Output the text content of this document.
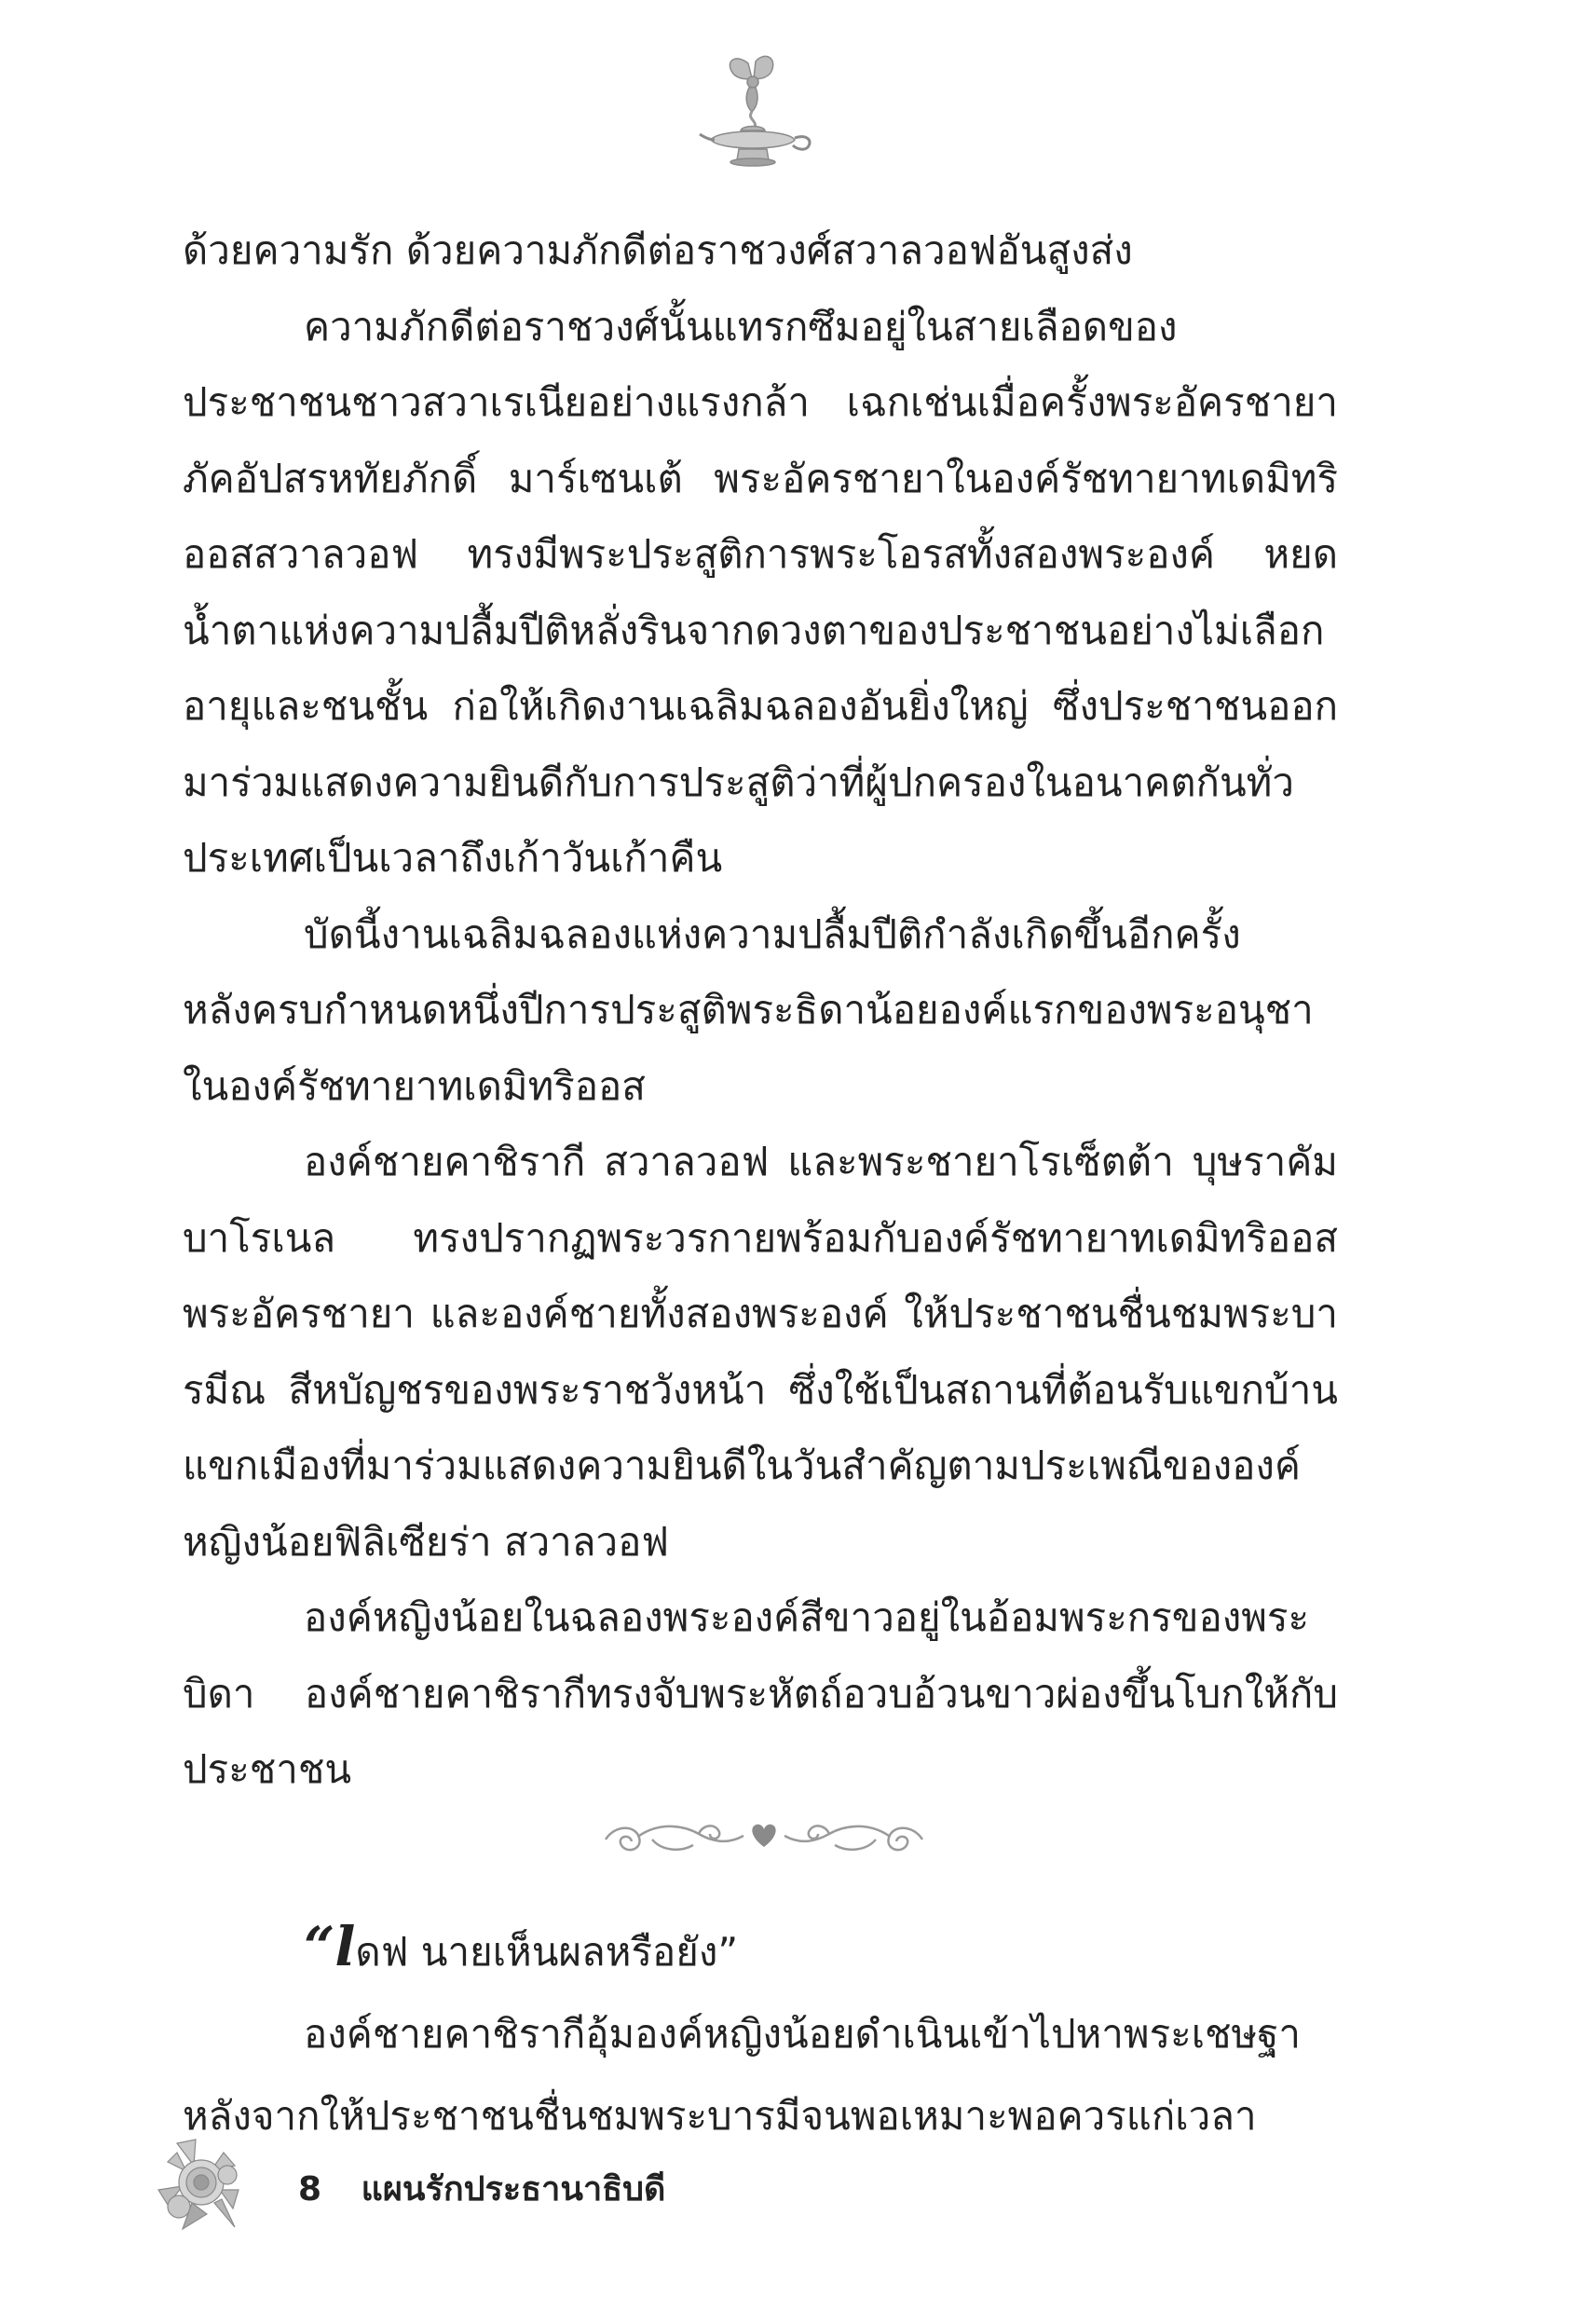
ด้วยความรัก ด้วยความภักดีต่อราชวงศ์สวาลวอฟอันสูงส่ง

ความภักดีต่อราชวงศ์นั้นแทรกซึมอยู่ในสายเลือดของประชาชนชาวสวาเรเนียอย่างแรงกล้า เฉกเช่นเมื่อครั้งพระอัครชายาภัคอัปสรหทัยภักดิ์ มาร์เซนเต้ พระอัครชายาในองค์รัชทายาทเดมิทริออสสวาลวอฟ ทรงมีพระประสูติการพระโอรสทั้งสองพระองค์ หยดน้ำตาแห่งความปลื้มปีติหลั่งรินจากดวงตาของประชาชนอย่างไม่เลือกอายุและชนชั้น ก่อให้เกิดงานเฉลิมฉลองอันยิ่งใหญ่ ซึ่งประชาชนออกมาร่วมแสดงความยินดีกับการประสูติว่าที่ผู้ปกครองในอนาคตกันทั่วประเทศเป็นเวลาถึงเก้าวันเก้าคืน

บัดนี้งานเฉลิมฉลองแห่งความปลื้มปีติกำลังเกิดขึ้นอีกครั้ง หลังครบกำหนดหนึ่งปีการประสูติพระธิดาน้อยองค์แรกของพระอนุชาในองค์รัชทายาทเดมิทริออส

องค์ชายคาชิรากี สวาลวอฟ และพระชายาโรเซ็ตต้า บุษราคัมบาโรเนล ทรงปรากฏพระวรกายพร้อมกับองค์รัชทายาทเดมิทริออสพระอัครชายา และองค์ชายทั้งสองพระองค์ ให้ประชาชนชื่นชมพระบารมีณ สีหบัญชรของพระราชวังหน้า ซึ่งใช้เป็นสถานที่ต้อนรับแขกบ้านแขกเมืองที่มาร่วมแสดงความยินดีในวันสำคัญตามประเพณีขององค์หญิงน้อยฟิลิเซียร่า สวาลวอฟ

องค์หญิงน้อยในฉลองพระองค์สีขาวอยู่ในอ้อมพระกรของพระบิดา องค์ชายคาชิรากีทรงจับพระหัตถ์อวบอ้วนขาวผ่องขึ้นโบกให้กับประชาชน

“lดฟ นายเห็นผลหรือยัง”

องค์ชายคาชิรากีอุ้มองค์หญิงน้อยดำเนินเข้าไปหาพระเชษฐาหลังจากให้ประชาชนชื่นชมพระบารมีจนพอเหมาะพอควรแก่เวลา

8 แผนรักประธานาธิบดี
